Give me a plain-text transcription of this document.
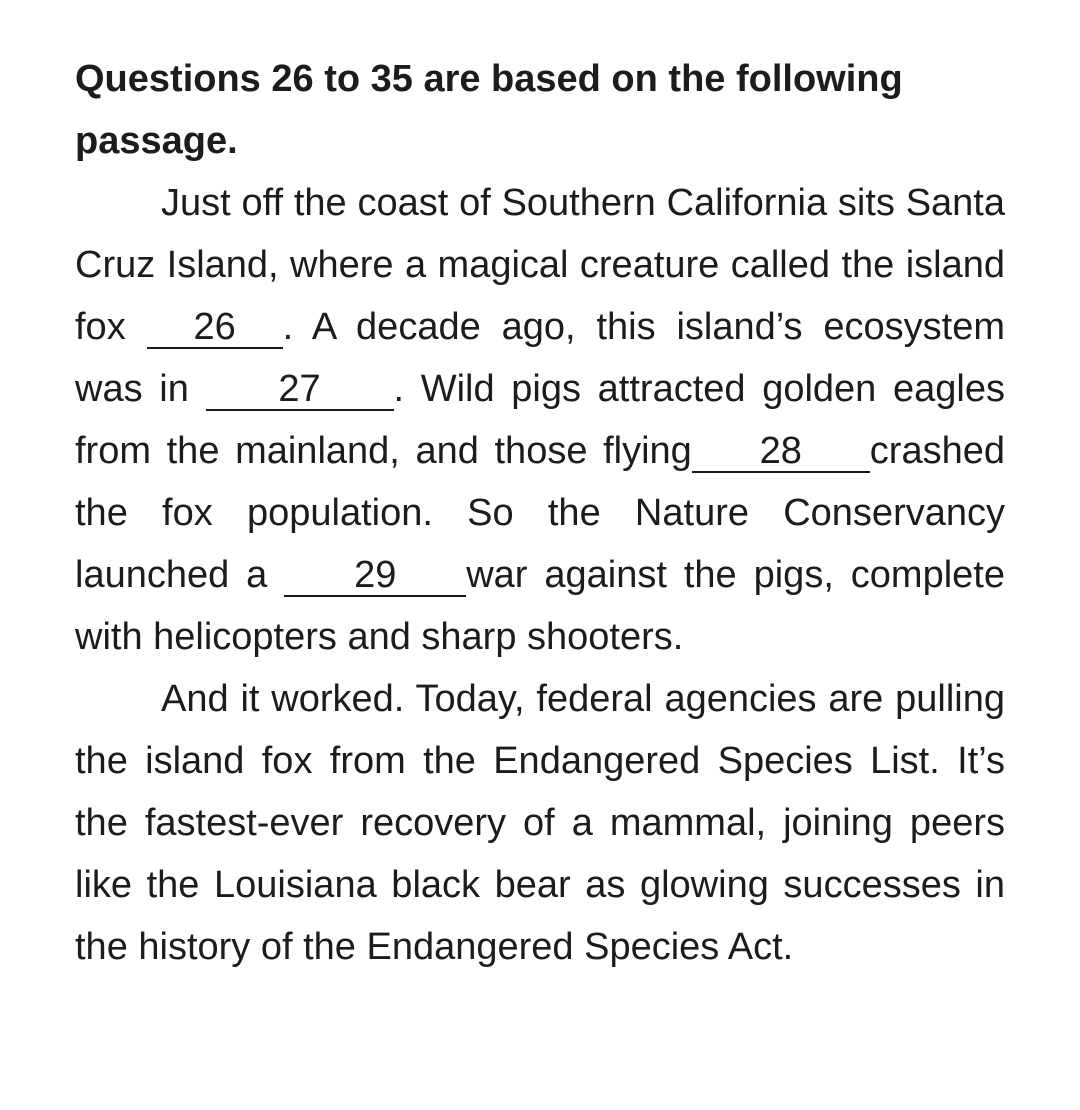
Questions 26 to 35 are based on the following passage.

Just off the coast of Southern California sits Santa Cruz Island, where a magical creature called the island fox 26 . A decade ago, this island’s ecosystem was in 27 . Wild pigs attracted golden eagles from the mainland, and those flying 28 crashed the fox population. So the Nature Conservancy launched a 29 war against the pigs, complete with helicopters and sharp shooters.

And it worked. Today, federal agencies are pulling the island fox from the Endangered Species List. It’s the fastest-ever recovery of a mammal, joining peers like the Louisiana black bear as glowing successes in the history of the Endangered Species Act.
